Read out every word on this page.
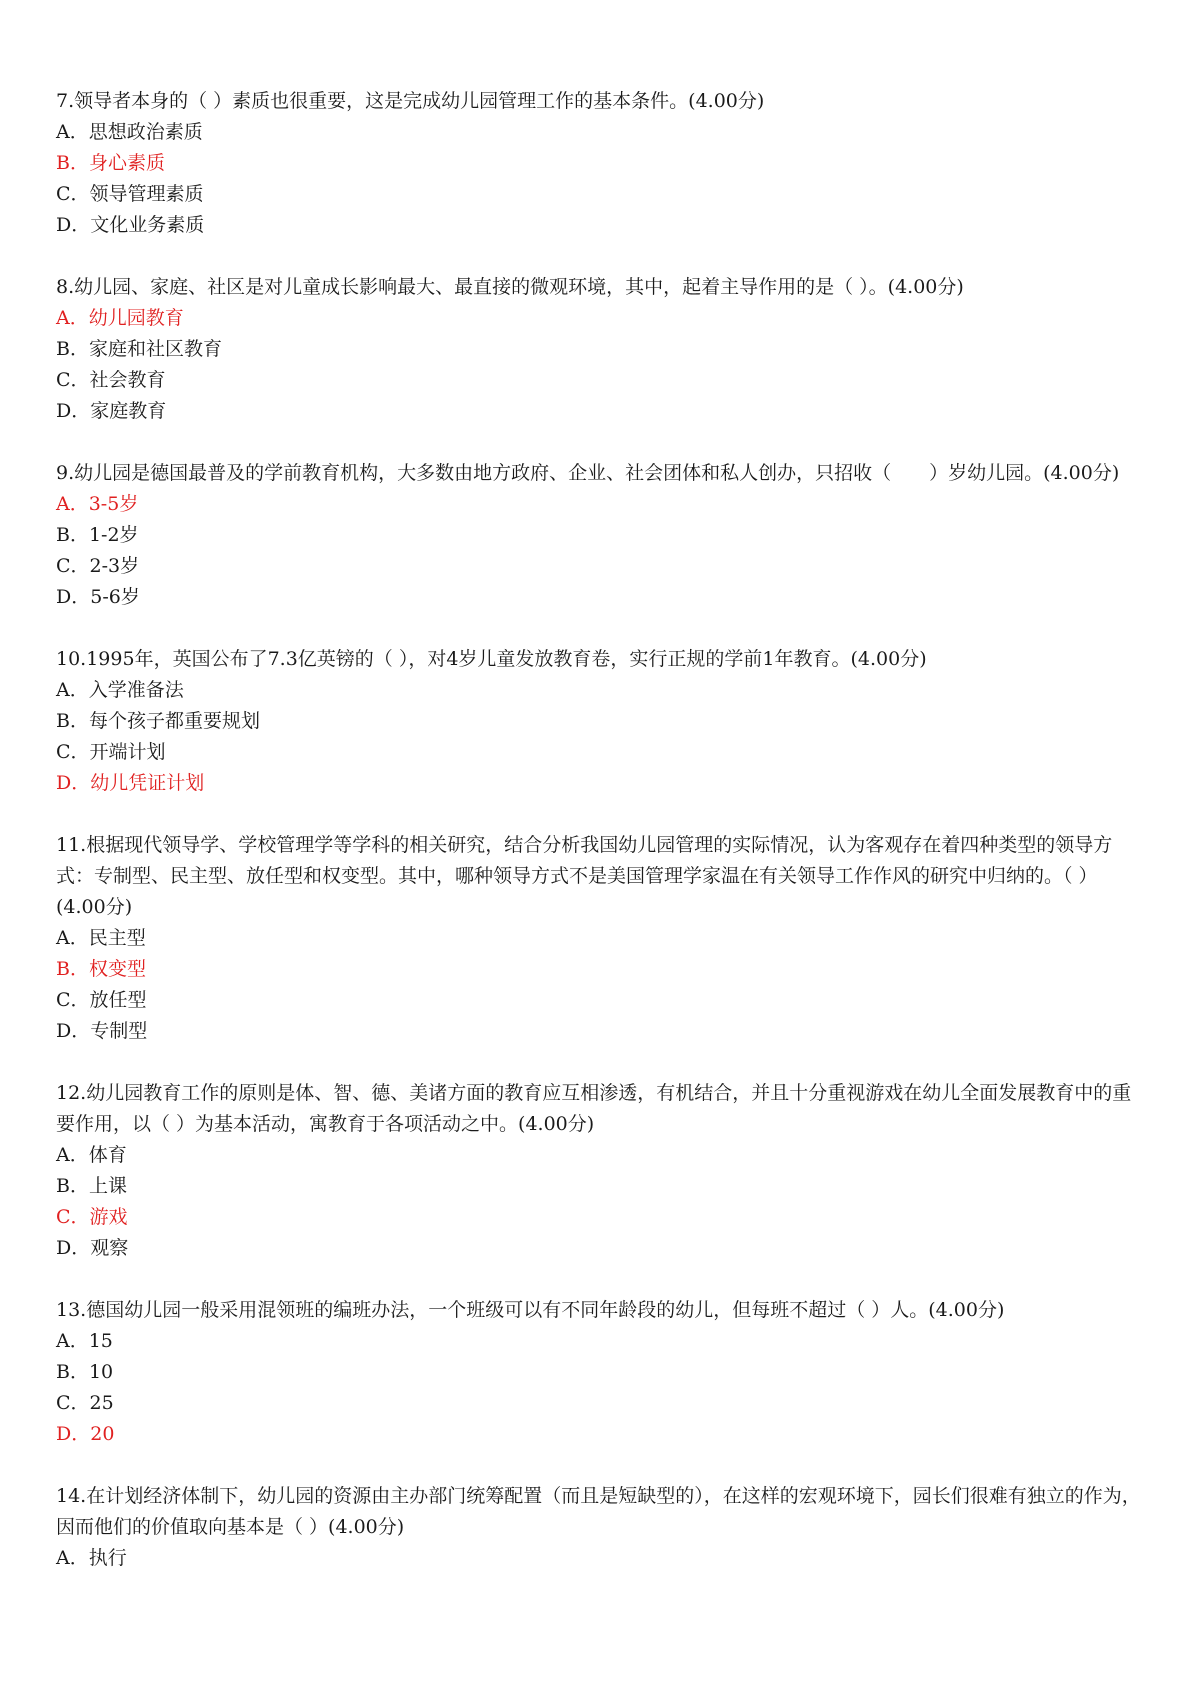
7.领导者本身的（ ）素质也很重要，这是完成幼儿园管理工作的基本条件。(4.00分)

A．思想政治素质

B．身心素质

C．领导管理素质

D．文化业务素质

8.幼儿园、家庭、社区是对儿童成长影响最大、最直接的微观环境，其中，起着主导作用的是（ ）。(4.00分)

A．幼儿园教育

B．家庭和社区教育

C．社会教育

D．家庭教育

9.幼儿园是德国最普及的学前教育机构，大多数由地方政府、企业、社会团体和私人创办，只招收（　　）岁幼儿园。(4.00分)

A．3-5岁

B．1-2岁

C．2-3岁

D．5-6岁

10.1995年，英国公布了7.3亿英镑的（ ），对4岁儿童发放教育卷，实行正规的学前1年教育。(4.00分)

A．入学准备法

B．每个孩子都重要规划

C．开端计划

D．幼儿凭证计划

11.根据现代领导学、学校管理学等学科的相关研究，结合分析我国幼儿园管理的实际情况，认为客观存在着四种类型的领导方式：专制型、民主型、放任型和权变型。其中，哪种领导方式不是美国管理学家温在有关领导工作作风的研究中归纳的。（ ）(4.00分)

A．民主型

B．权变型

C．放任型

D．专制型

12.幼儿园教育工作的原则是体、智、德、美诸方面的教育应互相渗透，有机结合，并且十分重视游戏在幼儿全面发展教育中的重要作用，以（ ）为基本活动，寓教育于各项活动之中。(4.00分)

A．体育

B．上课

C．游戏

D．观察

13.德国幼儿园一般采用混领班的编班办法，一个班级可以有不同年龄段的幼儿，但每班不超过（ ）人。(4.00分)

A．15

B．10

C．25

D．20

14.在计划经济体制下，幼儿园的资源由主办部门统筹配置（而且是短缺型的），在这样的宏观环境下，园长们很难有独立的作为，因而他们的价值取向基本是（ ）(4.00分)

A．执行
